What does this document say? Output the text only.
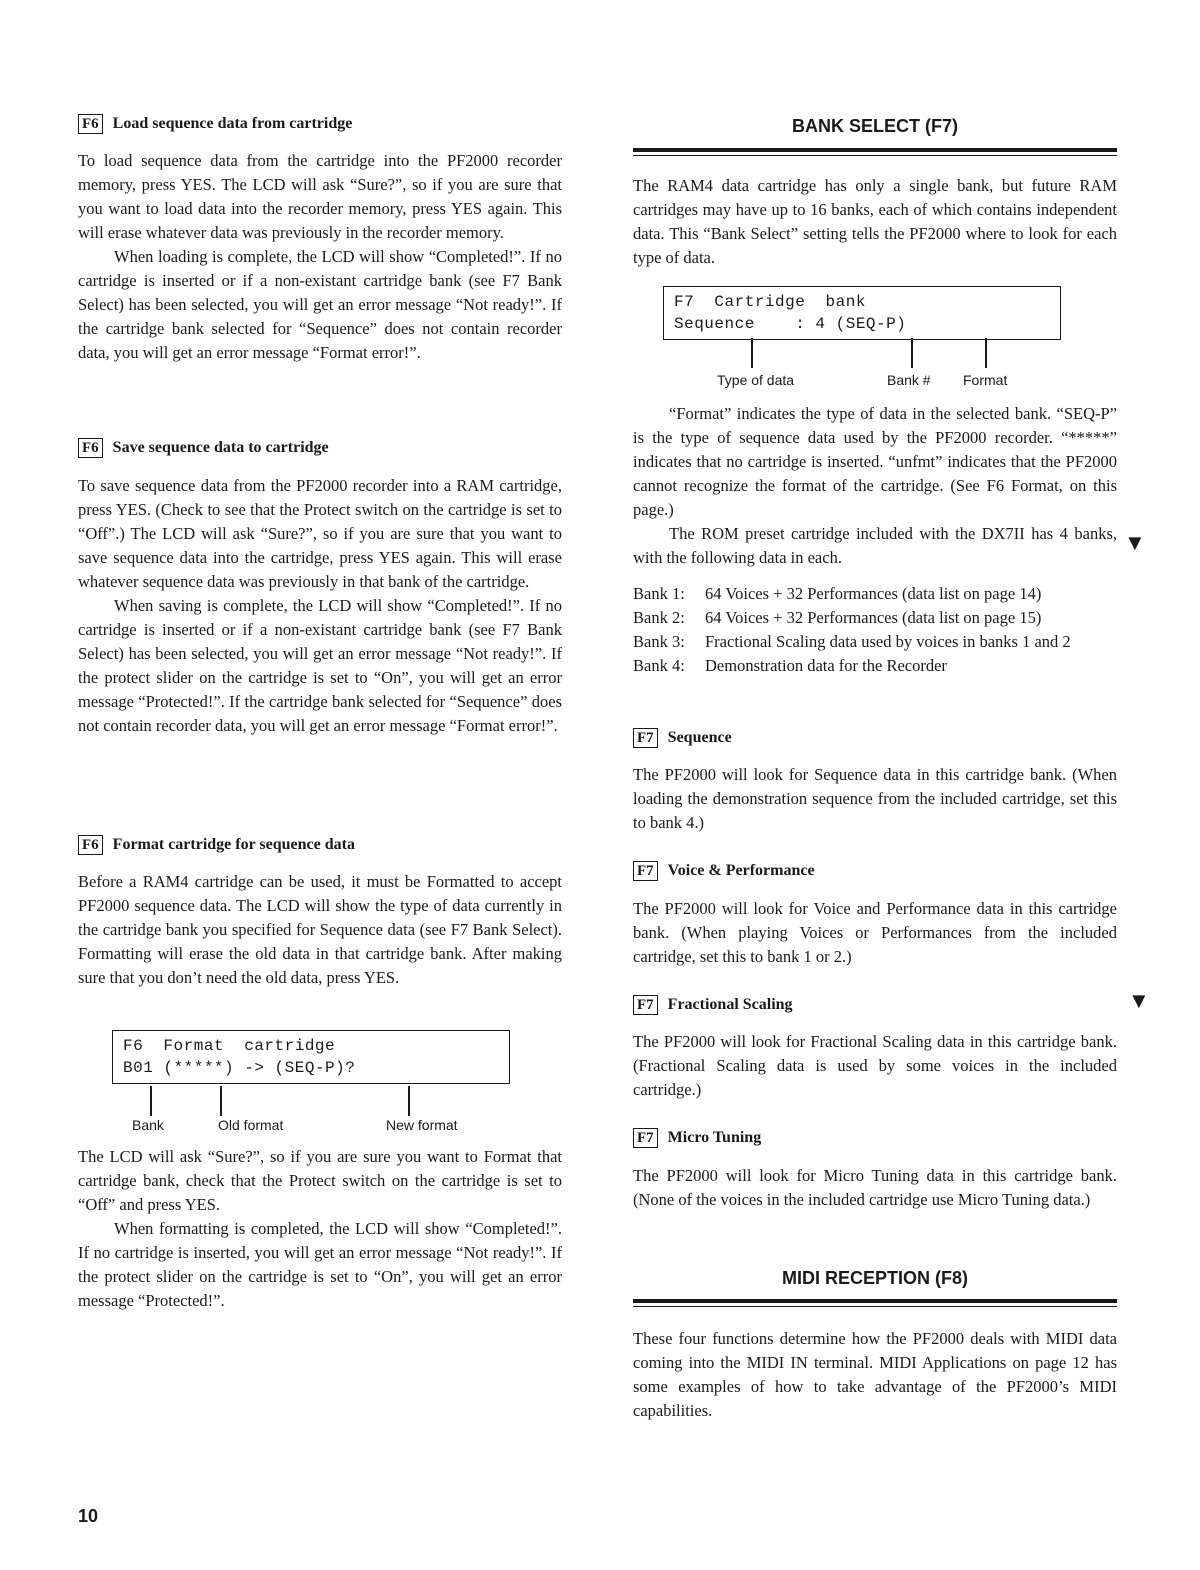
F6 Load sequence data from cartridge

To load sequence data from the cartridge into the PF2000 recorder memory, press YES. The LCD will ask “Sure?”, so if you are sure that you want to load data into the recorder memory, press YES again. This will erase whatever data was previously in the recorder memory.

When loading is complete, the LCD will show “Completed!”. If no cartridge is inserted or if a non-existant cartridge bank (see F7 Bank Select) has been selected, you will get an error message “Not ready!”. If the cartridge bank selected for “Sequence” does not contain recorder data, you will get an error message “Format error!”.

F6 Save sequence data to cartridge

To save sequence data from the PF2000 recorder into a RAM cartridge, press YES. (Check to see that the Protect switch on the cartridge is set to “Off”.) The LCD will ask “Sure?”, so if you are sure that you want to save sequence data into the cartridge, press YES again. This will erase whatever sequence data was previously in that bank of the cartridge.

When saving is complete, the LCD will show “Completed!”. If no cartridge is inserted or if a non-existant cartridge bank (see F7 Bank Select) has been selected, you will get an error message “Not ready!”. If the protect slider on the cartridge is set to “On”, you will get an error message “Protected!”. If the cartridge bank selected for “Sequence” does not contain recorder data, you will get an error message “Format error!”.

F6 Format cartridge for sequence data

Before a RAM4 cartridge can be used, it must be Formatted to accept PF2000 sequence data. The LCD will show the type of data currently in the cartridge bank you specified for Sequence data (see F7 Bank Select). Formatting will erase the old data in that cartridge bank. After making sure that you don’t need the old data, press YES.

F6  Format  cartridge
B01 (*****) -> (SEQ-P)?
Bank	Old format	New format

The LCD will ask “Sure?”, so if you are sure you want to Format that cartridge bank, check that the Protect switch on the cartridge is set to “Off” and press YES.

When formatting is completed, the LCD will show “Completed!”. If no cartridge is inserted, you will get an error message “Not ready!”. If the protect slider on the cartridge is set to “On”, you will get an error message “Protected!”.

BANK SELECT (F7)

The RAM4 data cartridge has only a single bank, but future RAM cartridges may have up to 16 banks, each of which contains independent data. This “Bank Select” setting tells the PF2000 where to look for each type of data.

F7  Cartridge  bank
Sequence    : 4 (SEQ-P)
Type of data	Bank # Format

“Format” indicates the type of data in the selected bank. “SEQ-P” is the type of sequence data used by the PF2000 recorder. “*****” indicates that no cartridge is inserted. “unfmt” indicates that the PF2000 cannot recognize the format of the cartridge. (See F6 Format, on this page.)

The ROM preset cartridge included with the DX7II has 4 banks, with the following data in each.

Bank 1:	64 Voices + 32 Performances (data list on page 14)
Bank 2:	64 Voices + 32 Performances (data list on page 15)
Bank 3:	Fractional Scaling data used by voices in banks 1 and 2
Bank 4:	Demonstration data for the Recorder
F7 Sequence

The PF2000 will look for Sequence data in this cartridge bank. (When loading the demonstration sequence from the included cartridge, set this to bank 4.)

F7 Voice & Performance

The PF2000 will look for Voice and Performance data in this cartridge bank. (When playing Voices or Performances from the included cartridge, set this to bank 1 or 2.)

F7 Fractional Scaling

The PF2000 will look for Fractional Scaling data in this cartridge bank. (Fractional Scaling data is used by some voices in the included cartridge.)

F7 Micro Tuning

The PF2000 will look for Micro Tuning data in this cartridge bank. (None of the voices in the included cartridge use Micro Tuning data.)

MIDI RECEPTION (F8)

These four functions determine how the PF2000 deals with MIDI data coming into the MIDI IN terminal. MIDI Applications on page 12 has some examples of how to take advantage of the PF2000’s MIDI capabilities.

▼
▼
10
